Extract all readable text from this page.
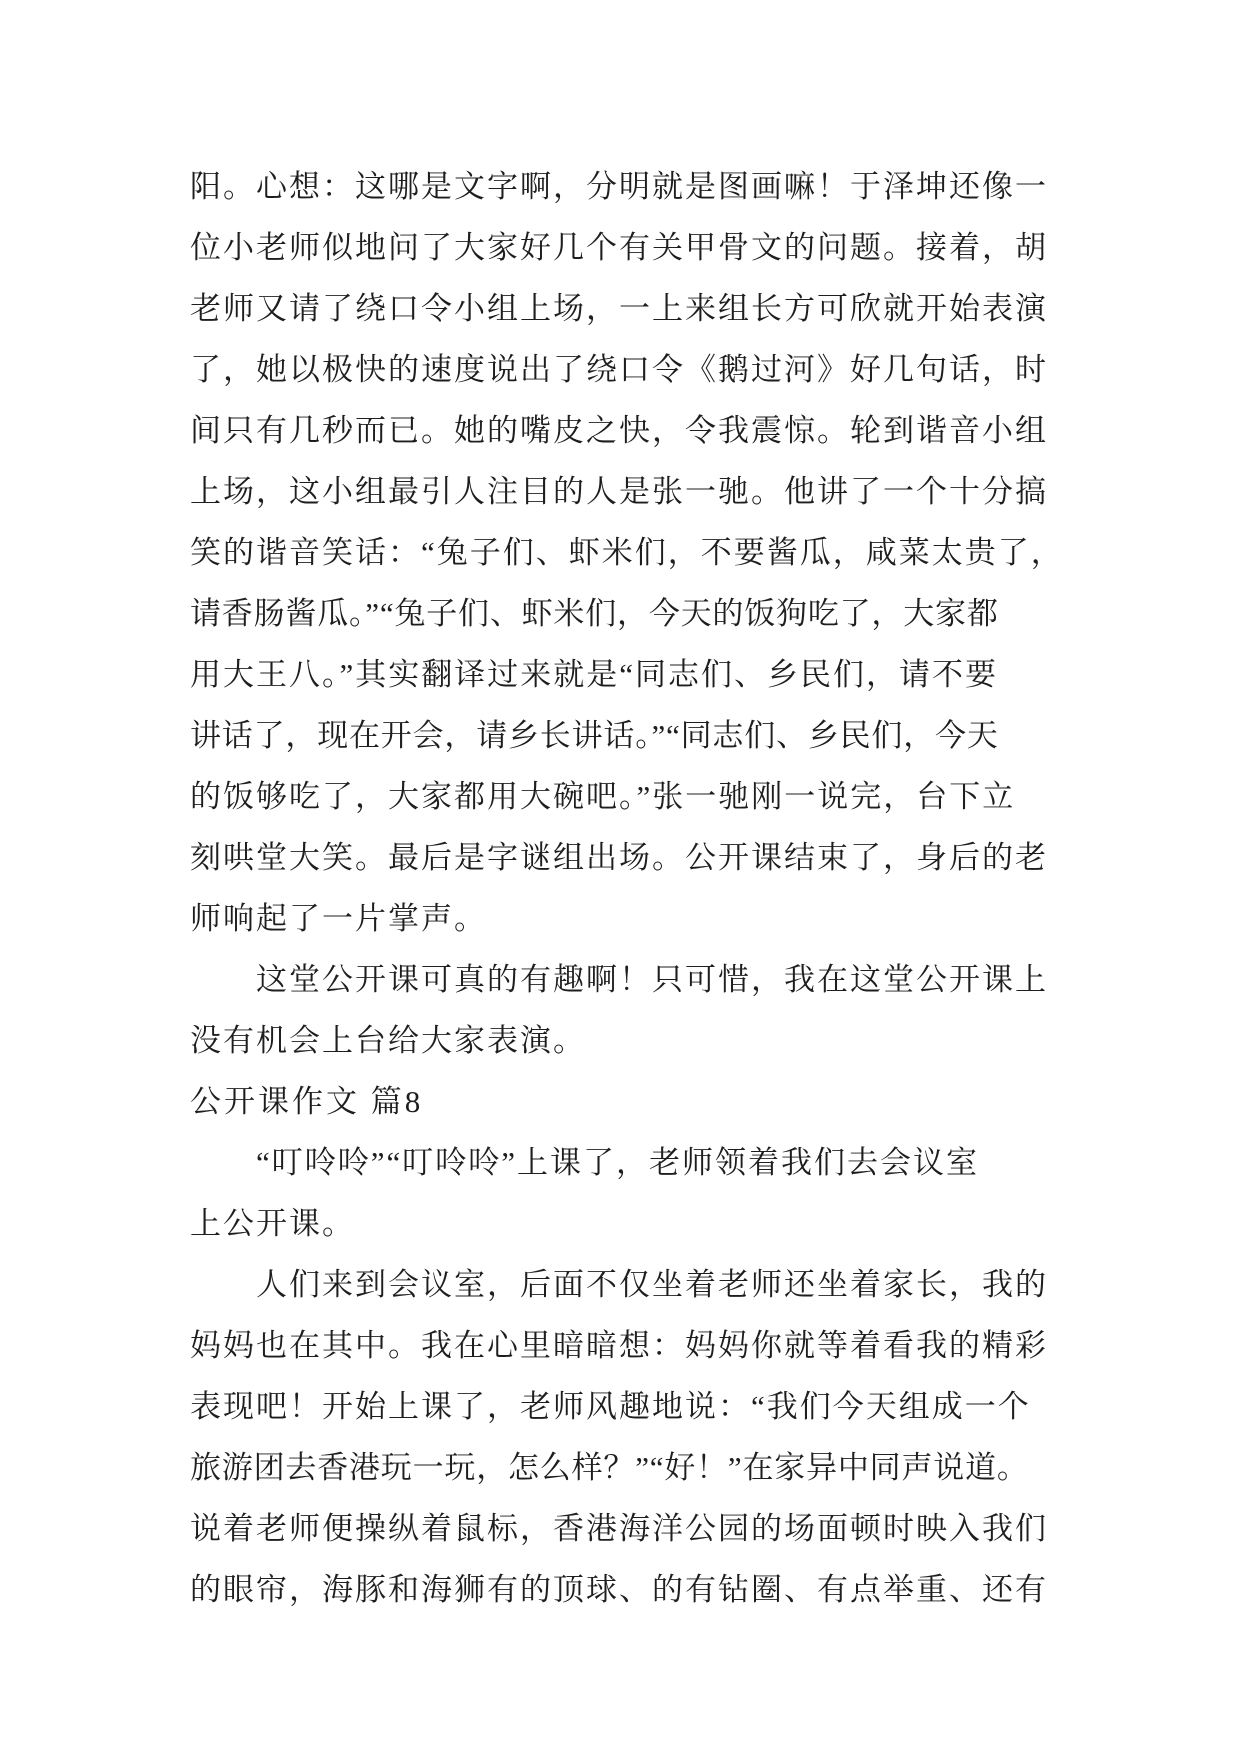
阳。心想：这哪是文字啊，分明就是图画嘛！于泽坤还像一
位小老师似地问了大家好几个有关甲骨文的问题。接着，胡
老师又请了绕口令小组上场，一上来组长方可欣就开始表演
了，她以极快的速度说出了绕口令《鹅过河》好几句话，时
间只有几秒而已。她的嘴皮之快，令我震惊。轮到谐音小组
上场，这小组最引人注目的人是张一驰。他讲了一个十分搞
笑的谐音笑话：“兔子们、虾米们，不要酱瓜，咸菜太贵了，
请香肠酱瓜。”“兔子们、虾米们，今天的饭狗吃了，大家都
用大王八。”其实翻译过来就是“同志们、乡民们，请不要
讲话了，现在开会，请乡长讲话。”“同志们、乡民们，今天
的饭够吃了，大家都用大碗吧。”张一驰刚一说完，台下立
刻哄堂大笑。最后是字谜组出场。公开课结束了，身后的老
师响起了一片掌声。
这堂公开课可真的有趣啊！只可惜，我在这堂公开课上
没有机会上台给大家表演。
公开课作文 篇8
“叮呤呤”“叮呤呤”上课了，老师领着我们去会议室
上公开课。
人们来到会议室，后面不仅坐着老师还坐着家长，我的
妈妈也在其中。我在心里暗暗想：妈妈你就等着看我的精彩
表现吧！开始上课了，老师风趣地说：“我们今天组成一个
旅游团去香港玩一玩，怎么样？”“好！”在家异中同声说道。
说着老师便操纵着鼠标，香港海洋公园的场面顿时映入我们
的眼帘，海豚和海狮有的顶球、的有钻圈、有点举重、还有
